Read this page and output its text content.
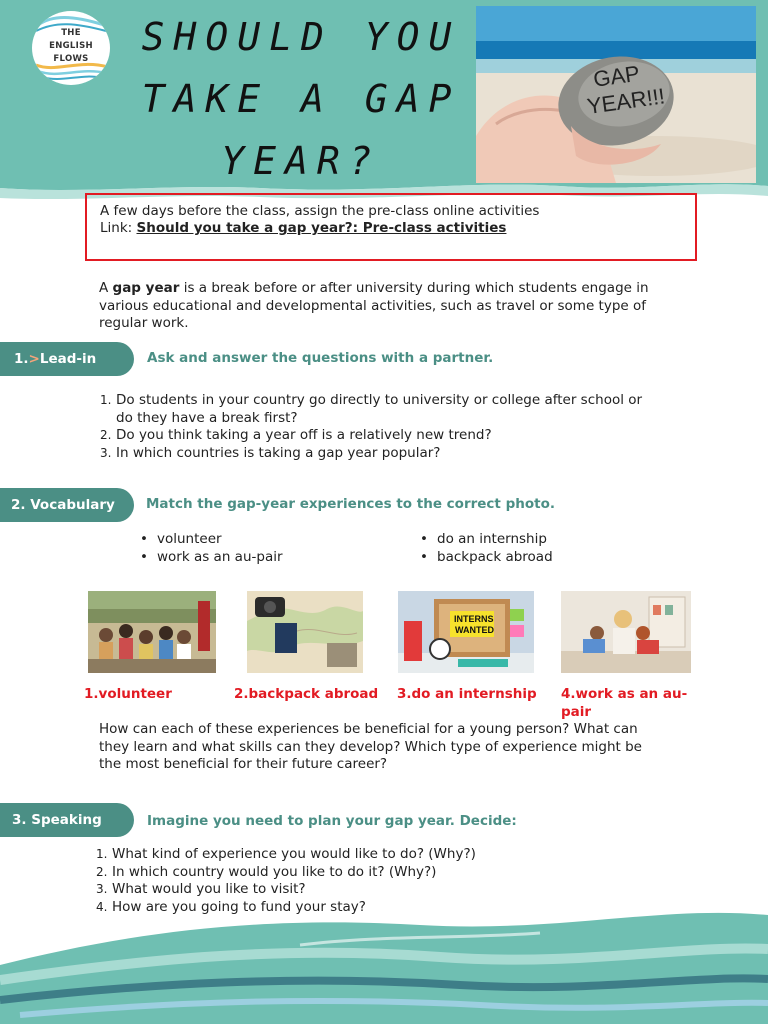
THE
ENGLISH
FLOWS	SHOULD YOU
TAKE A GAP
YEAR?
GAP YEAR!!!
A few days before the class, assign the pre-class online activities
Link: Should you take a gap year?: Pre-class activities

A gap year is a break before or after university during which students engage in various educational and developmental activities, such as travel or some type of regular work.

1.>Lead-in	Ask and answer the questions with a partner.
1. Do students in your country go directly to university or college after school or do they have a break first?
2. Do you think taking a year off is a relatively new trend?
3. In which countries is taking a gap year popular?
2. Vocabulary	Match the gap-year experiences to the correct photo.
• volunteer
• work as an au-pair
• do an internship
• backpack abroad
INTERNS WANTED
1.volunteer	2.backpack abroad 3.do an internship 4.work as an au-pair

How can each of these experiences be beneficial for a young person? What can they learn and what skills can they develop? Which type of experience might be the most beneficial for their future career?

3. Speaking	Imagine you need to plan your gap year. Decide:
1. What kind of experience you would like to do? (Why?)
2. In which country would you like to do it? (Why?)
3. What would you like to visit?
4. How are you going to fund your stay?
